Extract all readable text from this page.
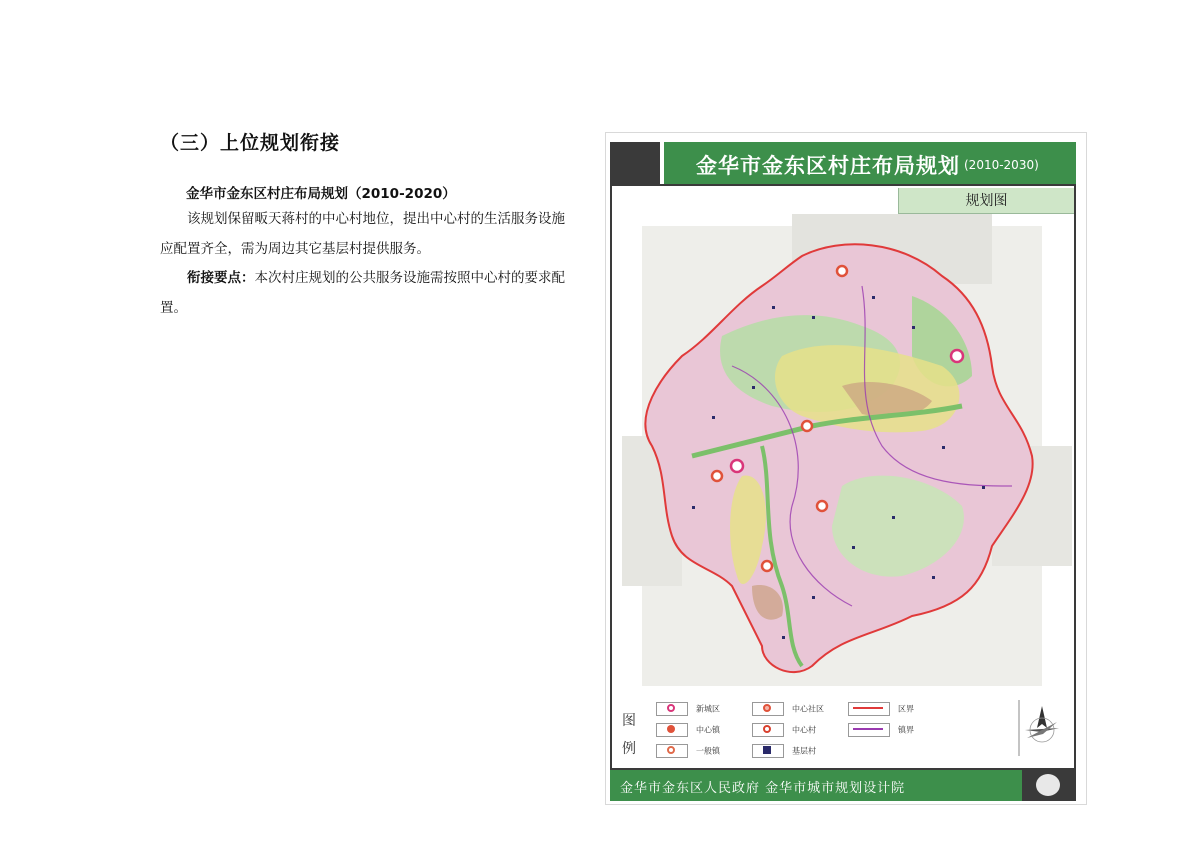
（三）上位规划衔接
金华市金东区村庄布局规划（2010-2020）
该规划保留畈天蒋村的中心村地位，提出中心村的生活服务设施应配置齐全，需为周边其它基层村提供服务。
衔接要点：本次村庄规划的公共服务设施需按照中心村的要求配置。
金华市金东区村庄布局规划 (2010-2030)
规划图
图
例
新城区
中心镇
一般镇
中心社区
中心村
基层村
区界
镇界
金华市金东区人民政府 金华市城市规划设计院
